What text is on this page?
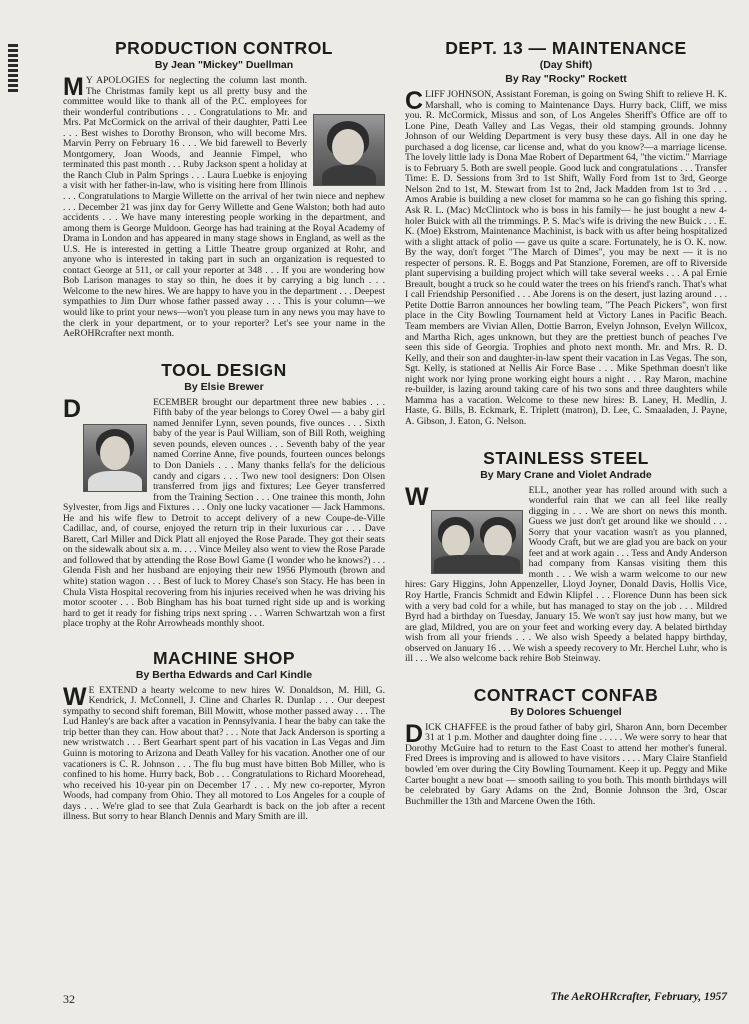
PRODUCTION CONTROL

By Jean "Mickey" Duellman

M Y APOLOGIES for neglecting the column last month. The Christmas family kept us all pretty busy and the committee would like to thank all of the P.C. employees for their wonderful contributions . . . Congratulations to Mr. and Mrs. Pat McCormick on the arrival of their daughter, Patti Lee . . . Best wishes to Dorothy Bronson, who will become Mrs. Marvin Perry on February 16 . . . We bid farewell to Beverly Montgomery, Joan Woods, and Jeannie Fimpel, who terminated this past month . . . Ruby Jackson spent a holiday at the Ranch Club in Palm Springs . . . Laura Luebke is enjoying a visit with her father-in-law, who is visiting here from Illinois . . . Congratulations to Margie Willette on the arrival of her twin niece and nephew . . . December 21 was jinx day for Gerry Willette and Gene Walston; both had auto accidents . . . We have many interesting people working in the department, and among them is George Muldoon. George has had training at the Royal Academy of Drama in London and has appeared in many stage shows in England, as well as the U.S. He is interested in getting a Little Theatre group organized at Rohr, and anyone who is interested in taking part in such an organization is requested to contact George at 511, or call your reporter at 348 . . . If you are wondering how Bob Larison manages to stay so thin, he does it by carrying a big lunch . . . Welcome to the new hires. We are happy to have you in the department . . . Deepest sympathies to Jim Durr whose father passed away . . . This is your column—we would like to print your news—won't you please turn in any news you may have to the clerk in your department, or to your reporter? Let's see your name in the AeROHRcrafter next month.
TOOL DESIGN

By Elsie Brewer

D	ECEMBER brought our department three new babies . . . Fifth baby of the year belongs to Corey Owel — a baby girl named Jennifer Lynn, seven pounds, five ounces . . . Sixth baby of the year is Paul William, son of Bill Roth, weighing seven pounds, eleven ounces . . . Seventh baby of the year named Corrine Anne, five pounds, fourteen ounces belongs to Don Daniels . . . Many thanks fella's for the delicious candy and cigars . . . Two new tool designers: Don Olsen transferred from jigs and fixtures; Lee Geyer transferred from the Training Section . . . One trainee this month, John Sylvester, from Jigs and Fixtures . . . Only one lucky vacationer — Jack Hammons. He and his wife flew to Detroit to accept delivery of a new Coupe-de-Ville Cadillac, and, of course, enjoyed the return trip in their luxurious car . . . Dave Barett, Carl Miller and Dick Platt all enjoyed the Rose Parade. They got their seats on the sidewalk about six a. m. . . . Vince Meiley also went to view the Rose Parade and followed that by attending the Rose Bowl Game (I wonder who he knows?) . . . Glenda Fish and her husband are enjoying their new 1956 Plymouth (brown and white) station wagon . . . Best of luck to Morey Chase's son Stacy. He has been in Chula Vista Hospital recovering from his injuries received when he was driving his motor scooter . . . Bob Bingham has his boat turned right side up and is working hard to get it ready for fishing trips next spring . . . Warren Schwartzah won a first place trophy at the Rohr Arrowheads monthly shoot.
MACHINE SHOP

By Bertha Edwards and Carl Kindle

W E EXTEND a hearty welcome to new hires W. Donaldson, M. Hill, G. Kendrick, J. McConnell, J. Cline and Charles R. Dunlap . . . Our deepest sympathy to second shift foreman, Bill Mowitt, whose mother passed away . . . The Lud Hanley's are back after a vacation in Pennsylvania. I hear the baby can take the trip better than they can. How about that? . . . Note that Jack Anderson is sporting a new wristwatch . . . Bert Gearhart spent part of his vacation in Las Vegas and Jim Guinn is motoring to Arizona and Death Valley for his vacation. Another one of our vacationers is C. R. Johnson . . . The flu bug must have bitten Bob Miller, who is confined to his home. Hurry back, Bob . . . Congratulations to Richard Moorehead, who received his 10-year pin on December 17 . . . My new co-reporter, Myron Woods, had company from Ohio. They all motored to Los Angeles for a couple of days . . . We're glad to see that Zula Gearhardt is back on the job after a recent illness. But sorry to hear Blanch Dennis and Mary Smith are ill.
DEPT. 13 — MAINTENANCE

(Day Shift)

By Ray "Rocky" Rockett

C LIFF JOHNSON, Assistant Foreman, is going on Swing Shift to relieve H. K. Marshall, who is coming to Maintenance Days. Hurry back, Cliff, we miss you. R. McCormick, Missus and son, of Los Angeles Sheriff's Office are off to Lone Pine, Death Valley and Las Vegas, their old stamping grounds. Johnny Johnson of our Welding Department is very busy these days. All in one day he purchased a dog license, car license and, what do you know?—a marriage license. The lovely little lady is Dona Mae Robert of Department 64, "the victim." Marriage is to February 5. Both are swell people. Good luck and congratulations . . . Transfer Time: E. D. Sessions from 3rd to 1st Shift, Wally Ford from 1st to 3rd, George Nelson 2nd to 1st, M. Stewart from 1st to 2nd, Jack Madden from 1st to 3rd . . . Amos Arabie is building a new closet for mamma so he can go fishing this spring. Ask R. L. (Mac) McClintock who is boss in his family— he just bought a new 4-holer Buick with all the trimmings. P. S. Mac's wife is driving the new Buick . . . E. K. (Moe) Ekstrom, Maintenance Machinist, is back with us after being hospitalized with a slight attack of polio — gave us quite a scare. Fortunately, he is O. K. now. By the way, don't forget "The March of Dimes", you may be next — it is no respecter of persons. R. E. Boggs and Pat Stanzione, Foremen, are off to Riverside plant supervising a building project which will take several weeks . . . A pal Ernie Breault, bought a truck so he could water the trees on his friend's ranch. That's what I call Friendship Personified . . . Abe Jorens is on the desert, just lazing around . . . Petite Dottie Barron announces her bowling team, "The Peach Pickers", won first place in the City Bowling Tournament held at Victory Lanes in Pacific Beach. Team members are Vivian Allen, Dottie Barron, Evelyn Johnson, Evelyn Willcox, and Martha Rich, ages unknown, but they are the prettiest bunch of peaches I've seen this side of Georgia. Trophies and photo next month. Mr. and Mrs. R. D. Kelly, and their son and daughter-in-law spent their vacation in Las Vegas. The son, Sgt. Kelly, is stationed at Nellis Air Force Base . . . Mike Spethman doesn't like night work nor lying prone working eight hours a night . . . Ray Maron, machine re-builder, is lazing around taking care of his two sons and three daughters while Mamma has a vacation. Welcome to these new hires: B. Laney, H. Medlin, J. Haste, G. Bills, B. Eckmark, E. Triplett (matron), D. Lee, C. Smaaladen, J. Payne, A. Gibson, J. Eaton, G. Nelson.
STAINLESS STEEL

By Mary Crane and Violet Andrade

W	ELL, another year has rolled around with such a wonderful rain that we can all feel like really digging in . . . We are short on news this month. Guess we just don't get around like we should . . . Sorry that your vacation wasn't as you planned, Woody Craft, but we are glad you are back on your feet and at work again . . . Tess and Andy Anderson had company from Kansas visiting them this month . . . We wish a warm welcome to our new hires: Gary Higgins, John Appenzeller, Lloyd Joyner, Donald Davis, Hollis Vice, Roy Hartle, Francis Schmidt and Edwin Klipfel . . . Florence Dunn has been sick with a very bad cold for a while, but has managed to stay on the job . . . Mildred Byrd had a birthday on Tuesday, January 15. We won't say just how many, but we are glad, Mildred, you are on your feet and working every day. A belated birthday wish from all your friends . . . We also wish Speedy a belated happy birthday, observed on January 16 . . . We wish a speedy recovery to Mr. Herchel Luhr, who is ill . . . We also welcome back rehire Bob Steinway.
CONTRACT CONFAB

By Dolores Schuengel

D ICK CHAFFEE is the proud father of baby girl, Sharon Ann, born December 31 at 1 p.m. Mother and daughter doing fine . . . . . We were sorry to hear that Dorothy McGuire had to return to the East Coast to attend her mother's funeral. Fred Drees is improving and is allowed to have visitors . . . . Mary Claire Stanfield bowled 'em over during the City Bowling Tournament. Keep it up. Peggy and Mike Carter bought a new boat — smooth sailing to you both. This month birthdays will be celebrated by Gary Adams on the 2nd, Bonnie Johnson the 3rd, Oscar Buchmiller the 13th and Marcene Owen the 16th.
32	The AeROHRcrafter, February, 1957
